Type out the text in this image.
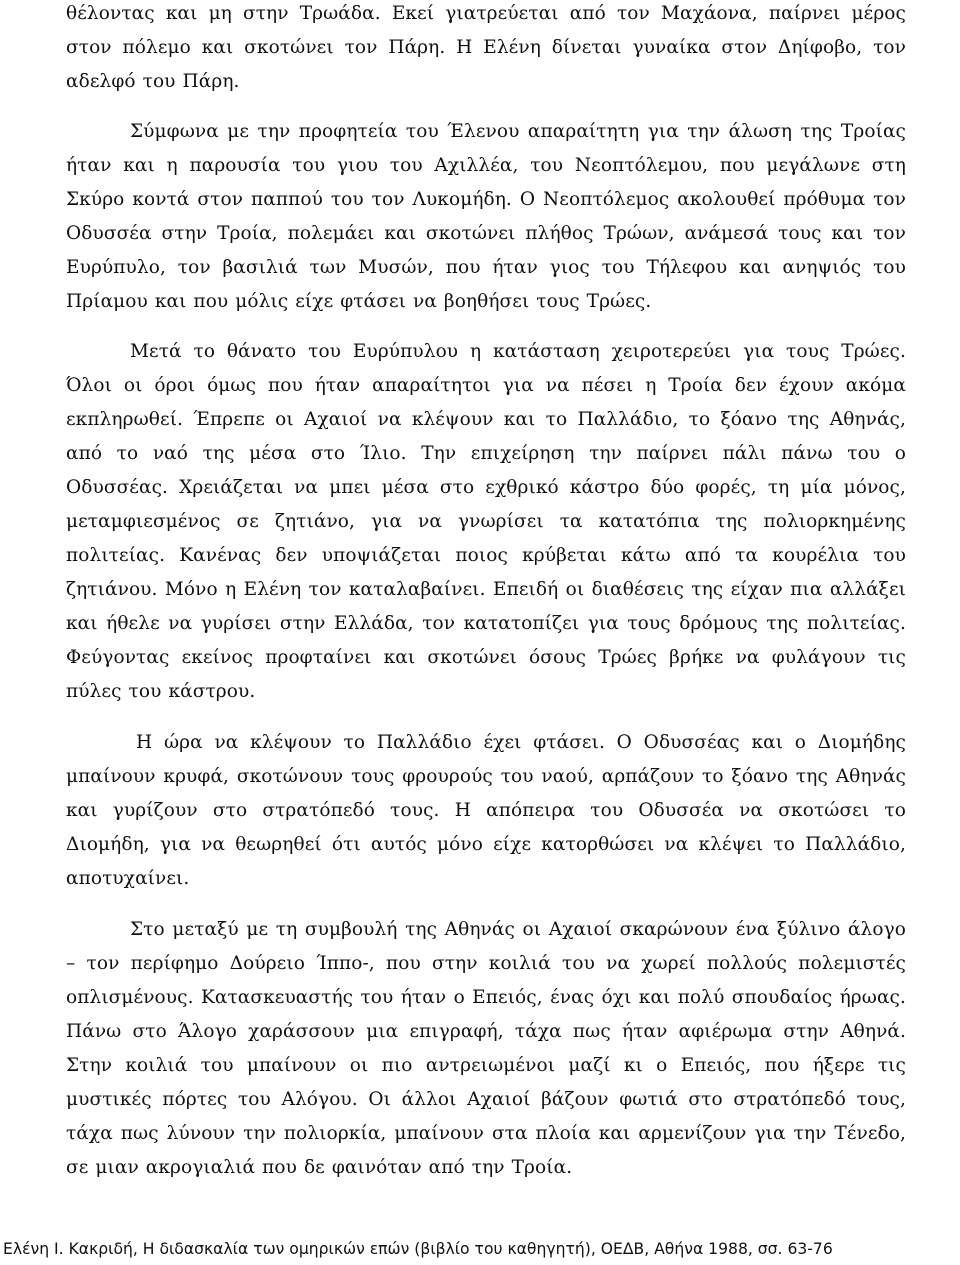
θέλοντας και μη στην Τρωάδα. Εκεί γιατρεύεται από τον Μαχάονα, παίρνει μέρος στον πόλεμο και σκοτώνει τον Πάρη. Η Ελένη δίνεται γυναίκα στον Δηίφοβο, τον αδελφό του Πάρη.

Σύμφωνα με την προφητεία του Έλενου απαραίτητη για την άλωση της Τροίας ήταν και η παρουσία του γιου του Αχιλλέα, του Νεοπτόλεμου, που μεγάλωνε στη Σκύρο κοντά στον παππού του τον Λυκομήδη. Ο Νεοπτόλεμος ακολουθεί πρόθυμα τον Οδυσσέα στην Τροία, πολεμάει και σκοτώνει πλήθος Τρώων, ανάμεσά τους και τον Ευρύπυλο, τον βασιλιά των Μυσών, που ήταν γιος του Τήλεφου και ανηψιός του Πρίαμου και που μόλις είχε φτάσει να βοηθήσει τους Τρώες.

Μετά το θάνατο του Ευρύπυλου η κατάσταση χειροτερεύει για τους Τρώες. Όλοι οι όροι όμως που ήταν απαραίτητοι για να πέσει η Τροία δεν έχουν ακόμα εκπληρωθεί. Έπρεπε οι Αχαιοί να κλέψουν και το Παλλάδιο, το ξόανο της Αθηνάς, από το ναό της μέσα στο Ίλιο. Την επιχείρηση την παίρνει πάλι πάνω του ο Οδυσσέας. Χρειάζεται να μπει μέσα στο εχθρικό κάστρο δύο φορές, τη μία μόνος, μεταμφιεσμένος σε ζητιάνο, για να γνωρίσει τα κατατόπια της πολιορκημένης πολιτείας. Κανένας δεν υποψιάζεται ποιος κρύβεται κάτω από τα κουρέλια του ζητιάνου. Μόνο η Ελένη τον καταλαβαίνει. Επειδή οι διαθέσεις της είχαν πια αλλάξει και ήθελε να γυρίσει στην Ελλάδα, τον κατατοπίζει για τους δρόμους της πολιτείας. Φεύγοντας εκείνος προφταίνει και σκοτώνει όσους Τρώες βρήκε να φυλάγουν τις πύλες του κάστρου.

Η ώρα να κλέψουν το Παλλάδιο έχει φτάσει. Ο Οδυσσέας και ο Διομήδης μπαίνουν κρυφά, σκοτώνουν τους φρουρούς του ναού, αρπάζουν το ξόανο της Αθηνάς και γυρίζουν στο στρατόπεδό τους. Η απόπειρα του Οδυσσέα να σκοτώσει το Διομήδη, για να θεωρηθεί ότι αυτός μόνο είχε κατορθώσει να κλέψει το Παλλάδιο, αποτυχαίνει.

Στο μεταξύ με τη συμβουλή της Αθηνάς οι Αχαιοί σκαρώνουν ένα ξύλινο άλογο – τον περίφημο Δούρειο Ίππο-, που στην κοιλιά του να χωρεί πολλούς πολεμιστές οπλισμένους. Κατασκευαστής του ήταν ο Επειός, ένας όχι και πολύ σπουδαίος ήρωας. Πάνω στο Άλογο χαράσσουν μια επιγραφή, τάχα πως ήταν αφιέρωμα στην Αθηνά. Στην κοιλιά του μπαίνουν οι πιο αντρειωμένοι μαζί κι ο Επειός, που ήξερε τις μυστικές πόρτες του Αλόγου. Οι άλλοι Αχαιοί βάζουν φωτιά στο στρατόπεδό τους, τάχα πως λύνουν την πολιορκία, μπαίνουν στα πλοία και αρμενίζουν για την Τένεδο, σε μιαν ακρογιαλιά που δε φαινόταν από την Τροία.

Ελένη Ι. Κακριδή, Η διδασκαλία των ομηρικών επών (βιβλίο του καθηγητή), ΟΕΔΒ, Αθήνα 1988, σσ. 63-76
